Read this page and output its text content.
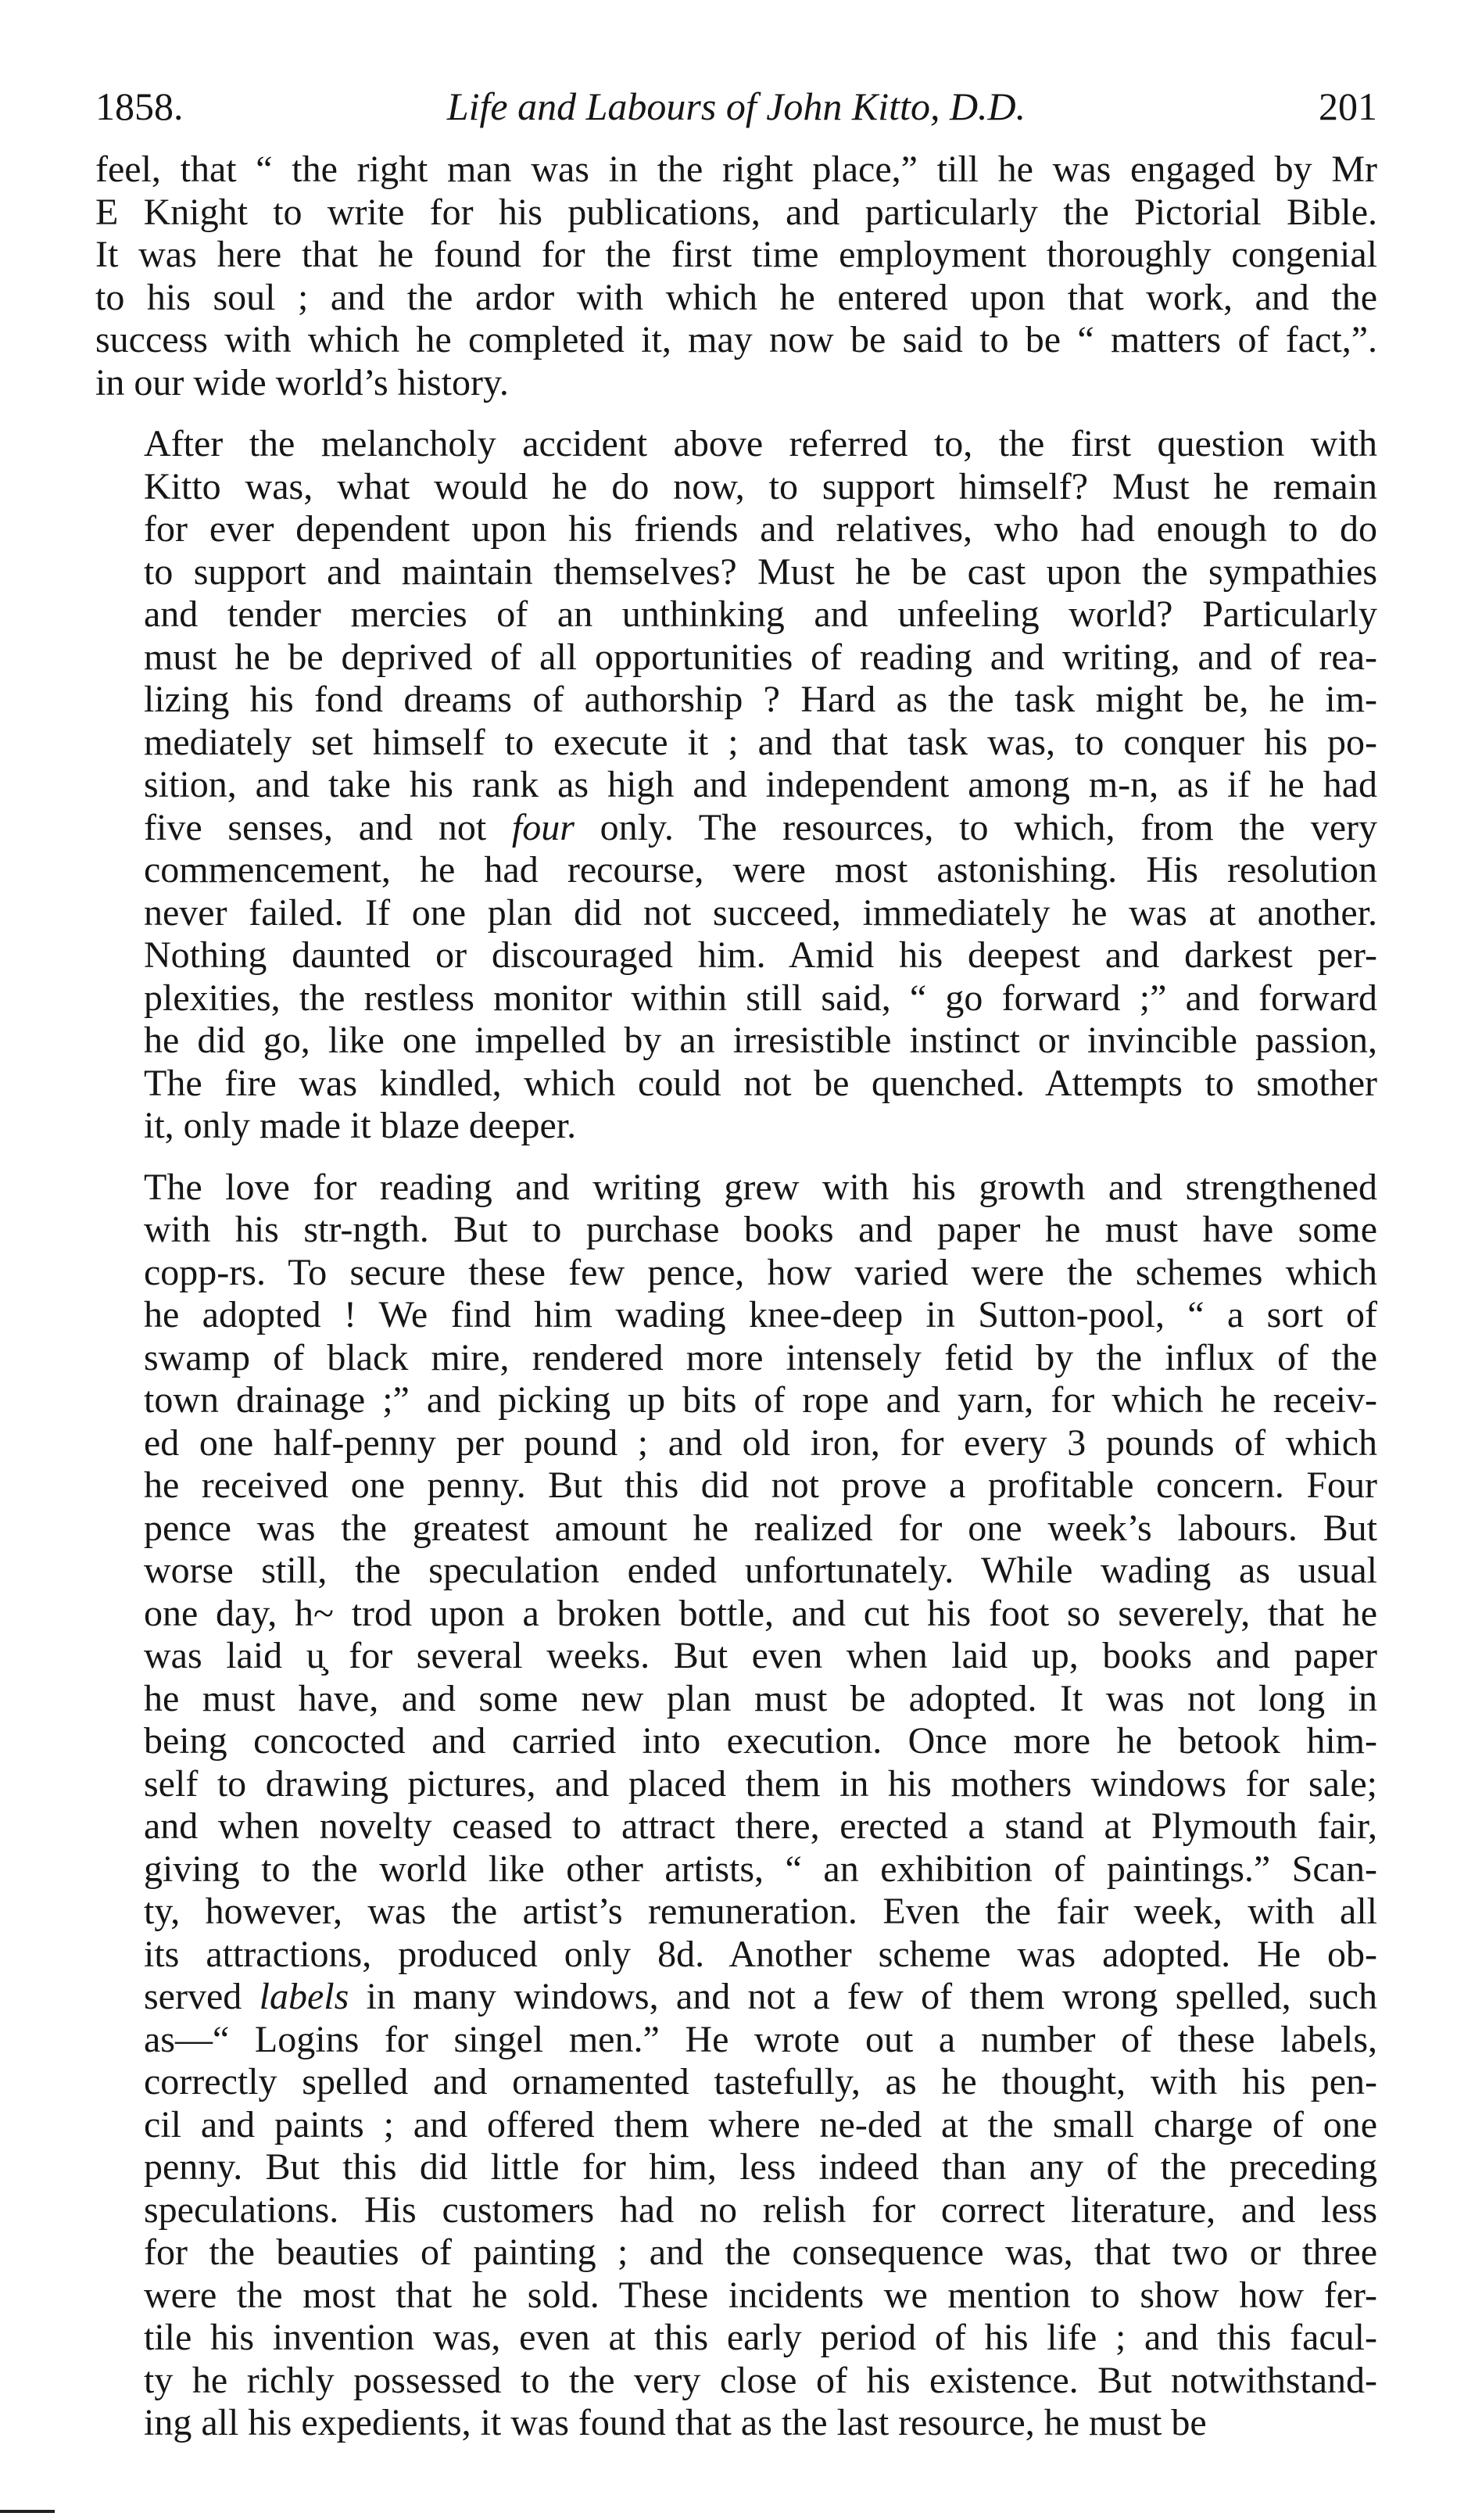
1858.	Life and Labours of John Kitto, D.D.	201
feel, that “ the right man was in the right place,” till he was engaged by Mr
E Knight to write for his publications, and particularly the Pictorial Bible.
It was here that he found for the first time employment thoroughly congenial
to his soul ; and the ardor with which he entered upon that work, and the
success with which he completed it, may now be said to be “ matters of fact,”.
in our wide world’s history.
After the melancholy accident above referred to, the first question with
Kitto was, what would he do now, to support himself? Must he remain
for ever dependent upon his friends and relatives, who had enough to do
to support and maintain themselves? Must he be cast upon the sympathies
and tender mercies of an unthinking and unfeeling world? Particularly
must he be deprived of all opportunities of reading and writing, and of rea-
lizing his fond dreams of authorship ? Hard as the task might be, he im-
mediately set himself to execute it ; and that task was, to conquer his po-
sition, and take his rank as high and independent among m-n, as if he had
five senses, and not four only. The resources, to which, from the very
commencement, he had recourse, were most astonishing. His resolution
never failed. If one plan did not succeed, immediately he was at another.
Nothing daunted or discouraged him. Amid his deepest and darkest per-
plexities, the restless monitor within still said, “ go forward ;” and forward
he did go, like one impelled by an irresistible instinct or invincible passion,
The fire was kindled, which could not be quenched. Attempts to smother
it, only made it blaze deeper.
The love for reading and writing grew with his growth and strengthened
with his str-ngth. But to purchase books and paper he must have some
copp-rs. To secure these few pence, how varied were the schemes which
he adopted ! We find him wading knee-deep in Sutton-pool, “ a sort of
swamp of black mire, rendered more intensely fetid by the influx of the
town drainage ;” and picking up bits of rope and yarn, for which he receiv-
ed one half-penny per pound ; and old iron, for every 3 pounds of which
he received one penny. But this did not prove a profitable concern. Four
pence was the greatest amount he realized for one week’s labours. But
worse still, the speculation ended unfortunately. While wading as usual
one day, h~ trod upon a broken bottle, and cut his foot so severely, that he
was laid u̧ for several weeks. But even when laid up, books and paper
he must have, and some new plan must be adopted. It was not long in
being concocted and carried into execution. Once more he betook him-
self to drawing pictures, and placed them in his mothers windows for sale;
and when novelty ceased to attract there, erected a stand at Plymouth fair,
giving to the world like other artists, “ an exhibition of paintings.” Scan-
ty, however, was the artist’s remuneration. Even the fair week, with all
its attractions, produced only 8d. Another scheme was adopted. He ob-
served labels in many windows, and not a few of them wrong spelled, such
as—“ Logins for singel men.” He wrote out a number of these labels,
correctly spelled and ornamented tastefully, as he thought, with his pen-
cil and paints ; and offered them where ne-ded at the small charge of one
penny. But this did little for him, less indeed than any of the preceding
speculations. His customers had no relish for correct literature, and less
for the beauties of painting ; and the consequence was, that two or three
were the most that he sold. These incidents we mention to show how fer-
tile his invention was, even at this early period of his life ; and this facul-
ty he richly possessed to the very close of his existence. But notwithstand-
ing all his expedients, it was found that as the last resource, he must be
